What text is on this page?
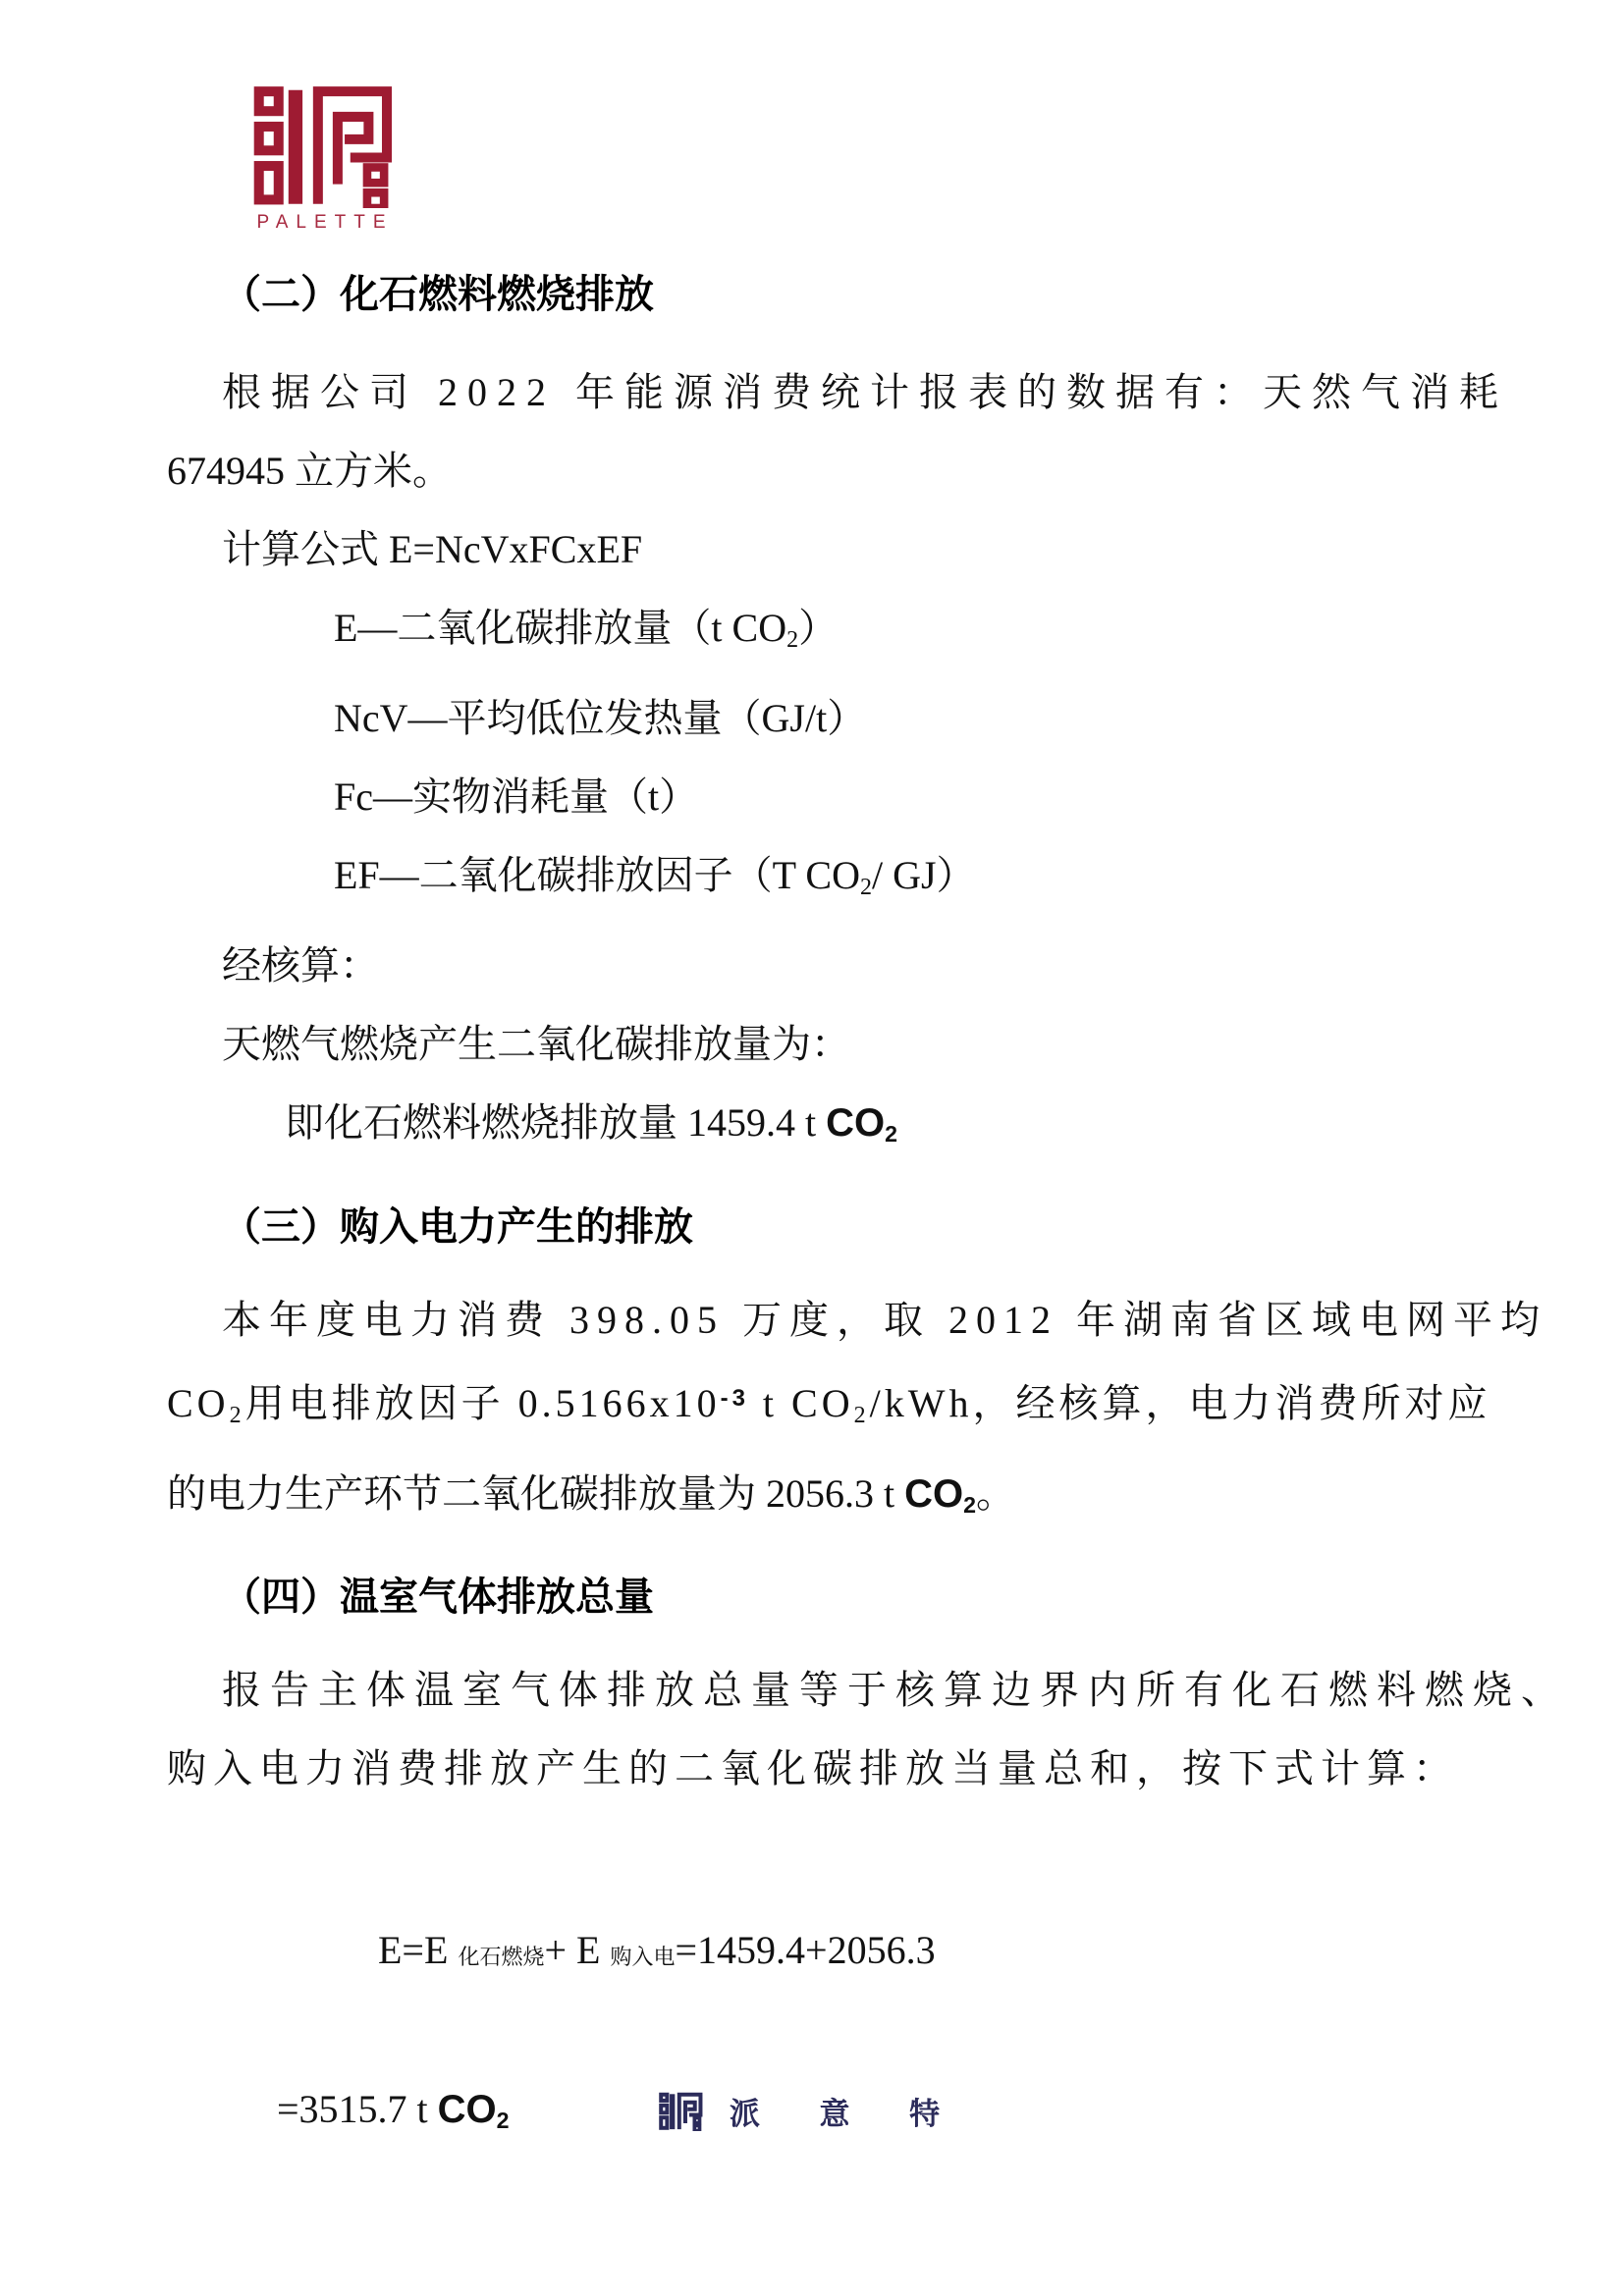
PALETTE
（二）化石燃料燃烧排放
根据公司 2022 年能源消费统计报表的数据有：天然气消耗
674945 立方米。
计算公式 E=NcVxFCxEF
E—二氧化碳排放量（t $CO_2$）
NcV—平均低位发热量（GJ/t）
Fc—实物消耗量（t）
EF—二氧化碳排放因子（T $CO_2/$ GJ）
经核算：
天燃气燃烧产生二氧化碳排放量为：
即化石燃料燃烧排放量 1459.4 t $CO_2$
（三）购入电力产生的排放
本年度电力消费 398.05 万度，取 2012 年湖南省区域电网平均
$CO_2$用电排放因子 $0.5166x10^{-3}$ t $CO_2$/kWh，经核算，电力消费所对应
的电力生产环节二氧化碳排放量为 2056.3 t $CO_2$。
（四）温室气体排放总量
报告主体温室气体排放总量等于核算边界内所有化石燃料燃烧、
购入电力消费排放产生的二氧化碳排放当量总和，按下式计算：
E=E 化石燃烧+ E 购入电=1459.4+2056.3
=3515.7 t $CO_2$	派 意 特
